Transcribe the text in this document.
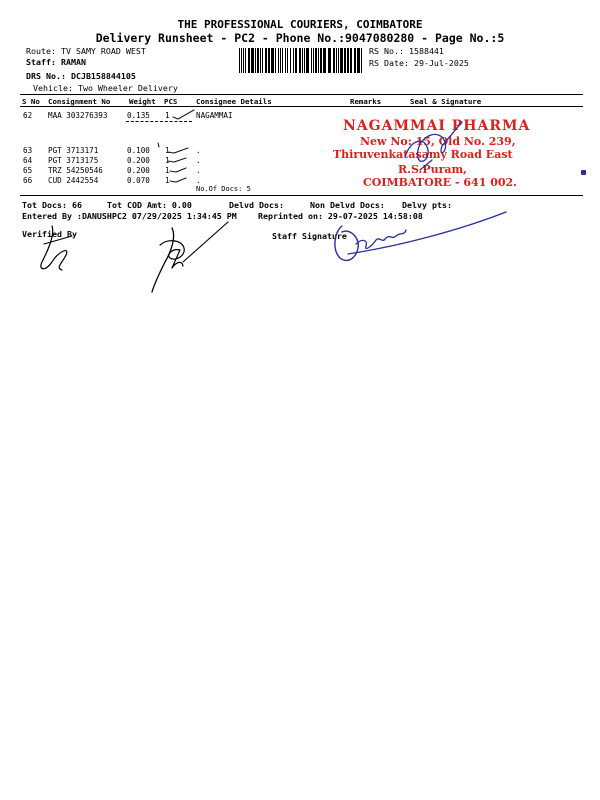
THE PROFESSIONAL COURIERS, COIMBATORE
Delivery Runsheet - PC2 - Phone No.:9047080280 - Page No.:5
Route: TV SAMY ROAD WEST
Staff: RAMAN
DRS No.: DCJB158844105
Vehicle: Two Wheeler Delivery
RS No.: 1588441
RS Date: 29-Jul-2025
S No Consignment No	Weight PCS	Consignee Details	Remarks	Seal & Signature
62 MAA 303276393	0.135 1	NAGAMMAI
63 PGT 3713171	0.100 1	.
64 PGT 3713175	0.200 1	.
65 TRZ 54250546	0.200 1	.
66 CUD 2442554	0.070 1	.
No.Of Docs: 5
NAGAMMAI PHARMA
New No: 15, Old No. 239,
Thiruvenkatasamy Road East
R.S.Puram,
COIMBATORE - 641 002.
Tot Docs: 66	Tot COD Amt: 0.00	Delvd Docs:	Non Delvd Docs: Delvy pts:
Entered By :DANUSHPC2 07/29/2025 1:34:45 PM	Reprinted on: 29-07-2025 14:58:08
Verified By	Staff Signature
